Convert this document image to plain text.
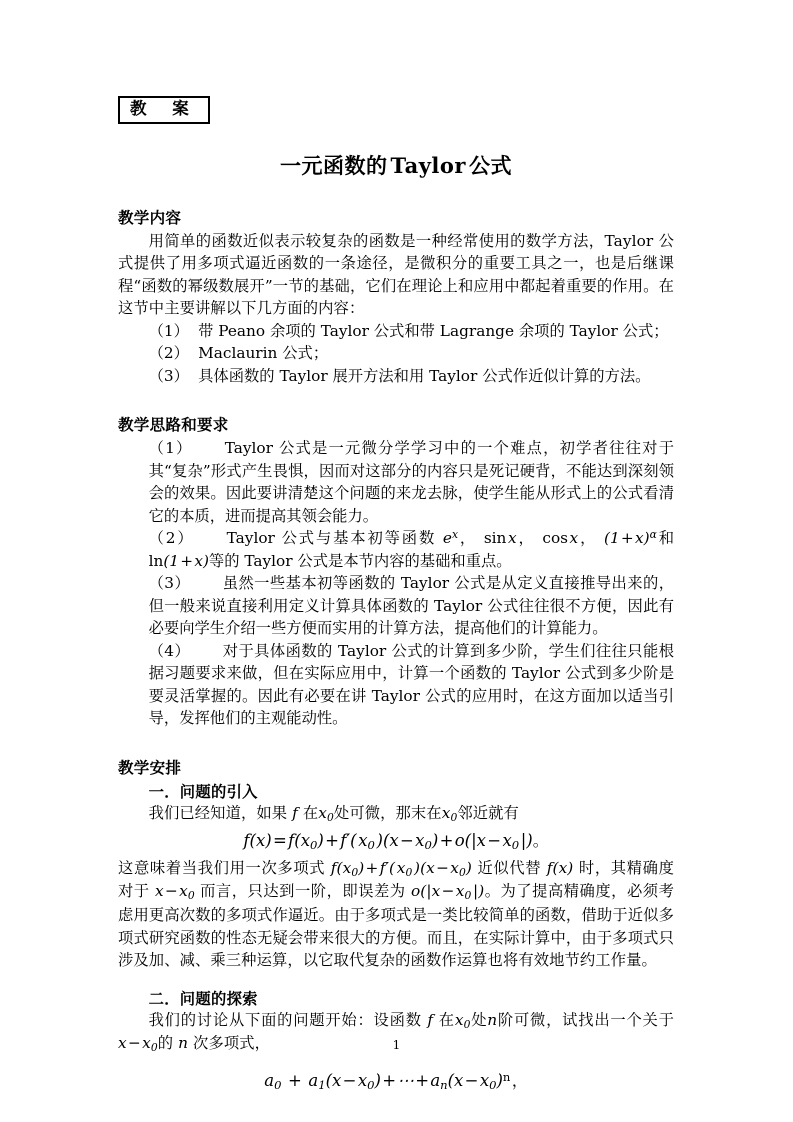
教 案
一元函数的 Taylor 公式
教学内容

用简单的函数近似表示较复杂的函数是一种经常使用的数学方法，Taylor 公式提供了用多项式逼近函数的一条途径，是微积分的重要工具之一，也是后继课程“函数的幂级数展开”一节的基础，它们在理论上和应用中都起着重要的作用。在这节中主要讲解以下几方面的内容：

（1） 带 Peano 余项的 Taylor 公式和带 Lagrange 余项的 Taylor 公式；
（2） Maclaurin 公式；
（3） 具体函数的 Taylor 展开方法和用 Taylor 公式作近似计算的方法。
教学思路和要求
（1） Taylor 公式是一元微分学学习中的一个难点，初学者往往对于其“复杂”形式产生畏惧，因而对这部分的内容只是死记硬背，不能达到深刻领会的效果。因此要讲清楚这个问题的来龙去脉，使学生能从形式上的公式看清它的本质，进而提高其领会能力。
（2） Taylor 公式与基本初等函数 $e^x$， sin x， cos x， $(1+x)^\alpha$和ln(1+x)等的 Taylor 公式是本节内容的基础和重点。
（3） 虽然一些基本初等函数的 Taylor 公式是从定义直接推导出来的，但一般来说直接利用定义计算具体函数的 Taylor 公式往往很不方便，因此有必要向学生介绍一些方便而实用的计算方法，提高他们的计算能力。
（4） 对于具体函数的 Taylor 公式的计算到多少阶，学生们往往只能根据习题要求来做，但在实际应用中，计算一个函数的 Taylor 公式到多少阶是要灵活掌握的。因此有必要在讲 Taylor 公式的应用时，在这方面加以适当引导，发挥他们的主观能动性。
教学安排
一．问题的引入

我们已经知道，如果 f 在$x_0$处可微，那末在$x_0$邻近就有

$f(x)=f(x_0)+f'$( $x_0$ )$(x-x_0)+o(|x-x_0$ |)。

这意味着当我们用一次多项式 $f(x_0)+f'$( $x_0$ )$(x-x_0)$ 近似代替 f(x) 时，其精确度对于 $x-x_0$ 而言，只达到一阶，即误差为 $o(|x-x_0$ |)。为了提高精确度，必须考虑用更高次数的多项式作逼近。由于多项式是一类比较简单的函数，借助于近似多项式研究函数的性态无疑会带来很大的方便。而且，在实际计算中，由于多项式只涉及加、减、乘三种运算，以它取代复杂的函数作运算也将有效地节约工作量。

二．问题的探索

我们的讨论从下面的问题开始：设函数 f 在$x_0$处n阶可微，试找出一个关于$x-x_0$的 n 次多项式，

$a_0$ + $a_1(x-x_0)+\cdots+a_n(x-x_0)^n$ ，
1
